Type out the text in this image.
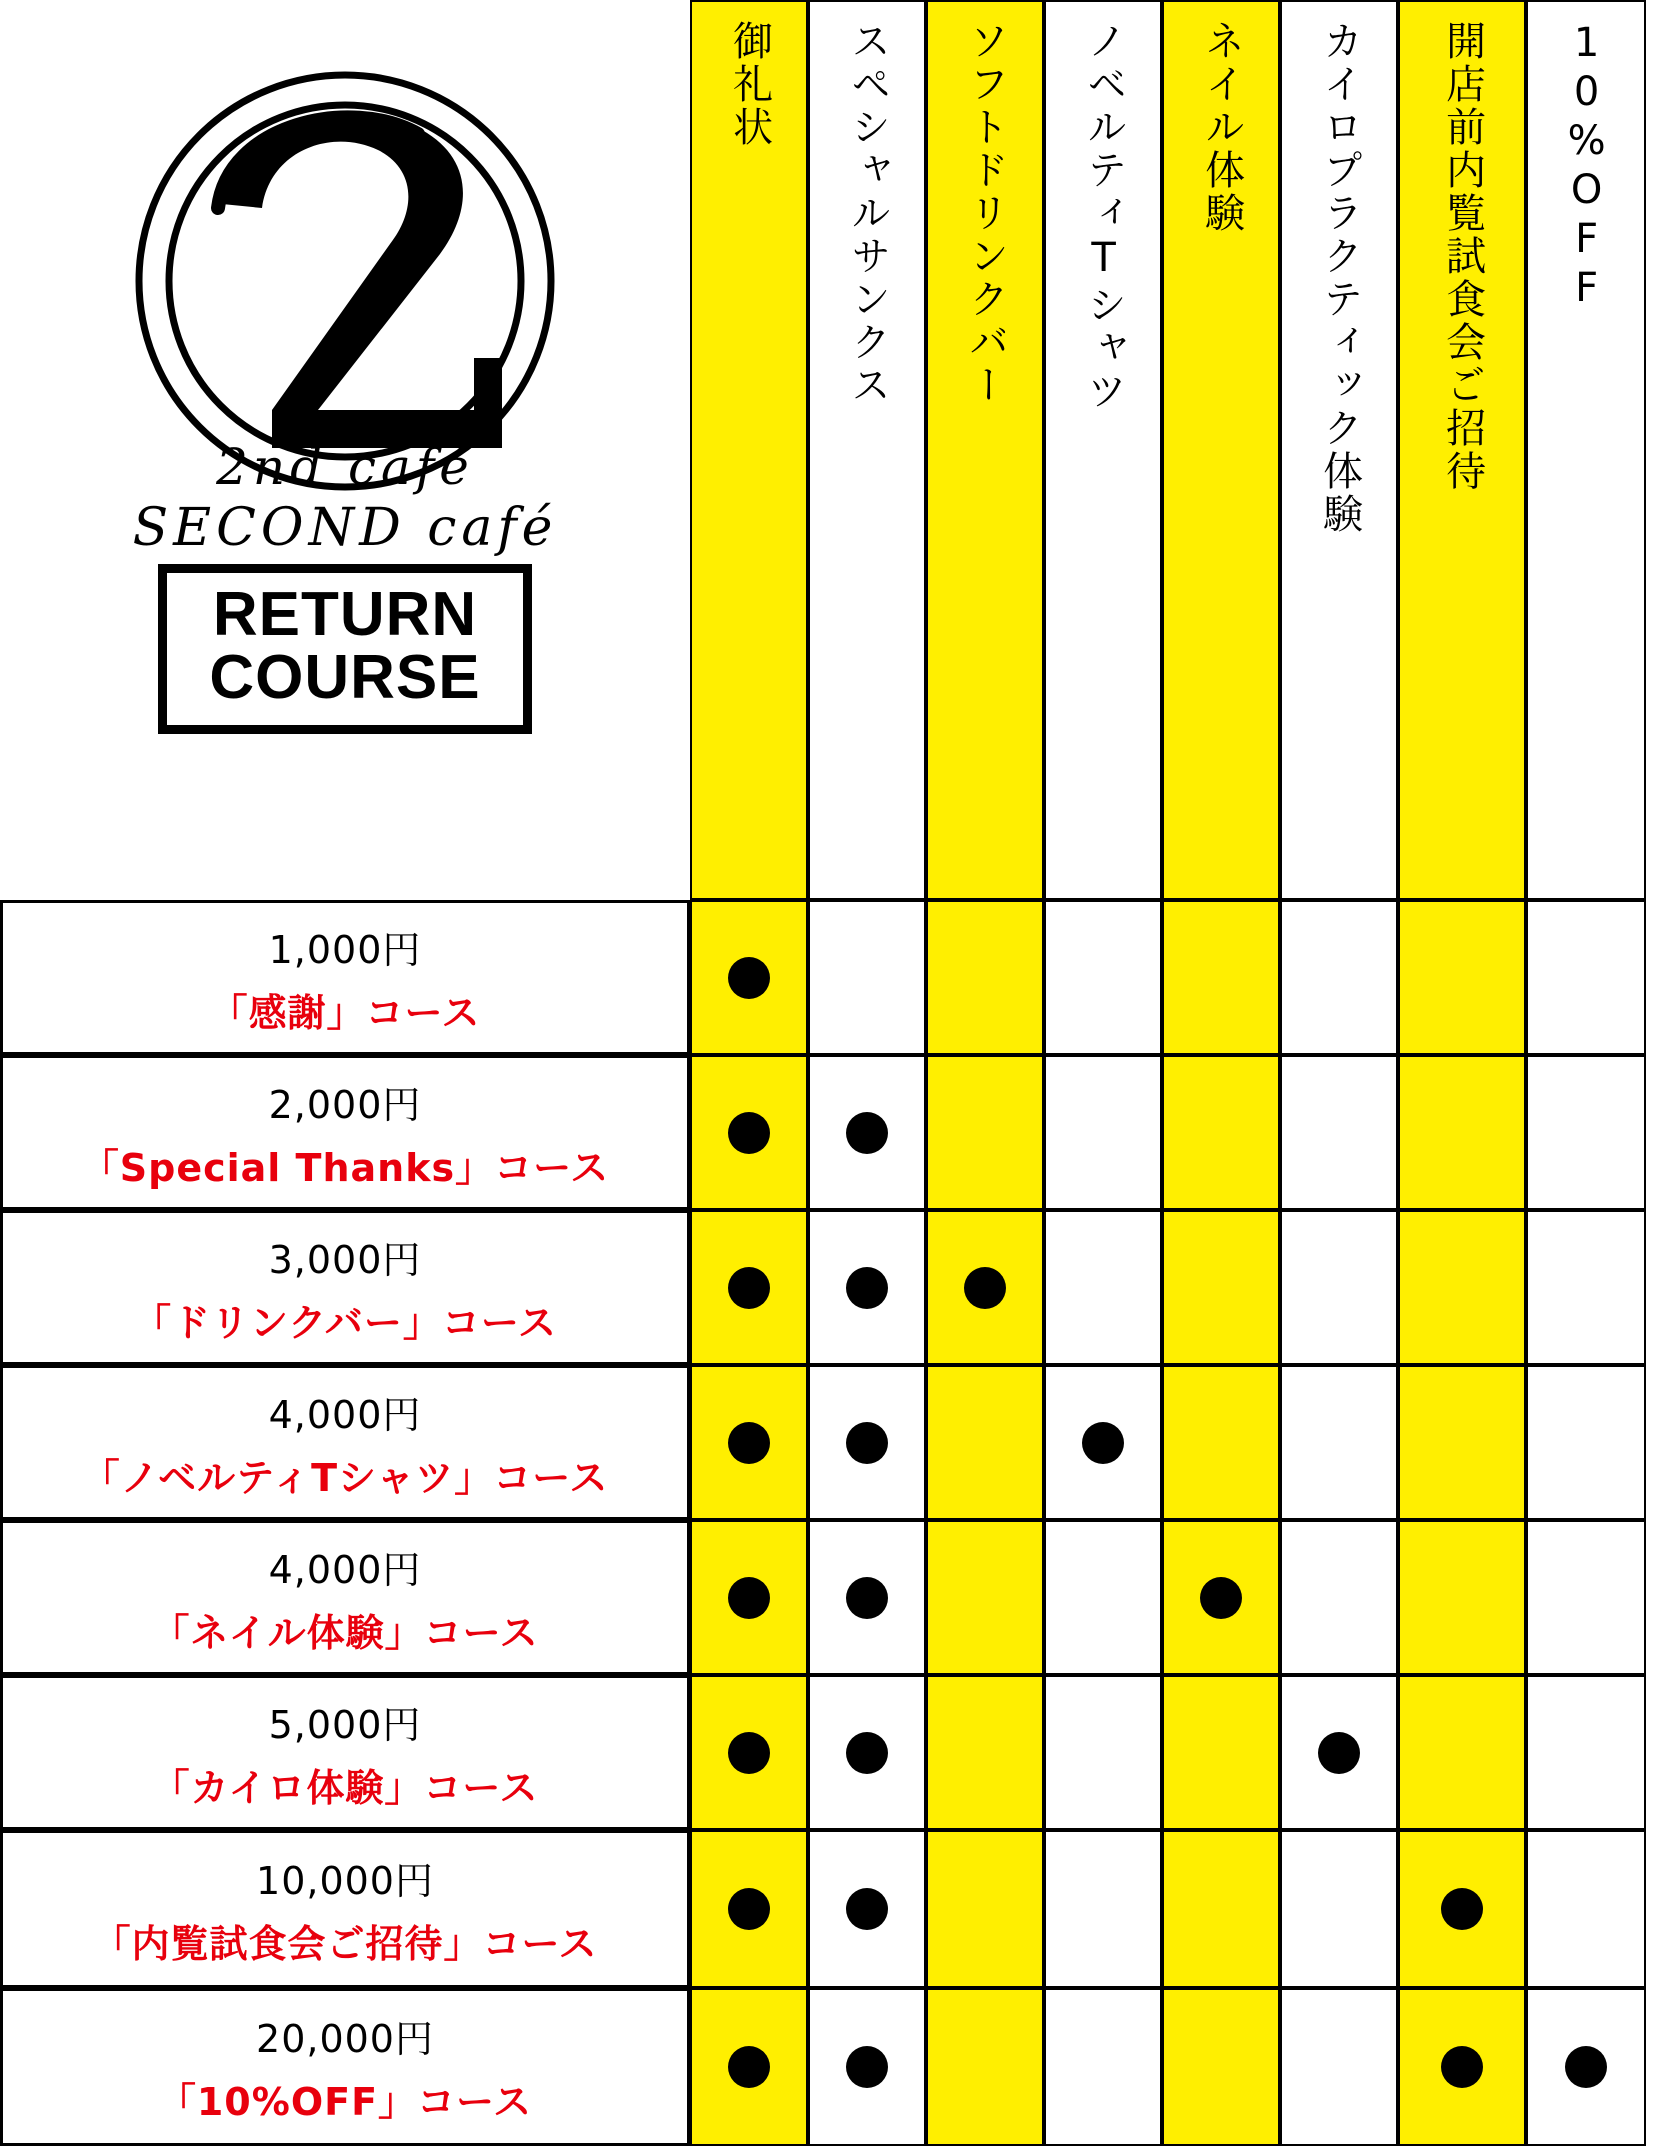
2nd café
SECOND café
RETURN
COURSE
御礼状 スペシャルサンクス ソフトドリンクバー ノベルティTシャツ ネイル体験 カイロプラクティック体験 開店前内覧試食会ご招待 10%OFF
1,000円
「感謝」コース
2,000円
「Special Thanks」コース
3,000円
「ドリンクバー」コース
4,000円
「ノベルティTシャツ」コース
4,000円
「ネイル体験」コース
5,000円
「カイロ体験」コース
10,000円
「内覧試食会ご招待」コース
20,000円
「10%OFF」コース
